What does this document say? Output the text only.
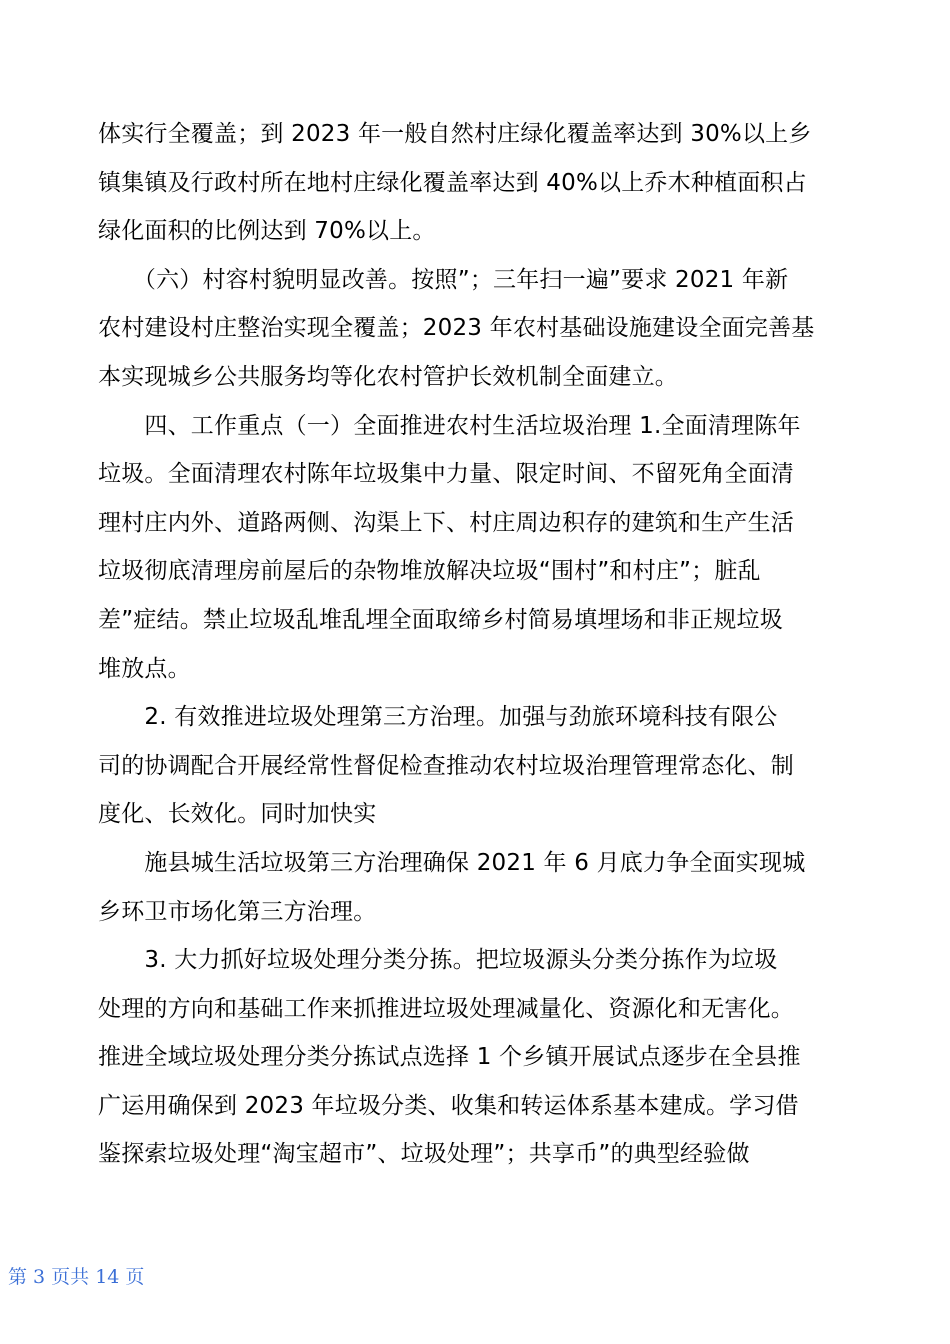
体实行全覆盖；到 2023 年一般自然村庄绿化覆盖率达到 30%以上乡
镇集镇及行政村所在地村庄绿化覆盖率达到 40%以上乔木种植面积占
绿化面积的比例达到 70%以上。

　　（六）村容村貌明显改善。按照”；三年扫一遍”要求 2021 年新
农村建设村庄整治实现全覆盖；2023 年农村基础设施建设全面完善基
本实现城乡公共服务均等化农村管护长效机制全面建立。

　　四、工作重点（一）全面推进农村生活垃圾治理 1.全面清理陈年
垃圾。全面清理农村陈年垃圾集中力量、限定时间、不留死角全面清
理村庄内外、道路两侧、沟渠上下、村庄周边积存的建筑和生产生活
垃圾彻底清理房前屋后的杂物堆放解决垃圾“围村”和村庄”；脏乱
差”症结。禁止垃圾乱堆乱埋全面取缔乡村简易填埋场和非正规垃圾
堆放点。

　　2. 有效推进垃圾处理第三方治理。加强与劲旅环境科技有限公
司的协调配合开展经常性督促检查推动农村垃圾治理管理常态化、制
度化、长效化。同时加快实

　　施县城生活垃圾第三方治理确保 2021 年 6 月底力争全面实现城
乡环卫市场化第三方治理。

　　3. 大力抓好垃圾处理分类分拣。把垃圾源头分类分拣作为垃圾
处理的方向和基础工作来抓推进垃圾处理减量化、资源化和无害化。
推进全域垃圾处理分类分拣试点选择 1 个乡镇开展试点逐步在全县推
广运用确保到 2023 年垃圾分类、收集和转运体系基本建成。学习借
鉴探索垃圾处理“淘宝超市”、垃圾处理”；共享币”的典型经验做

第 3 页共 14 页
